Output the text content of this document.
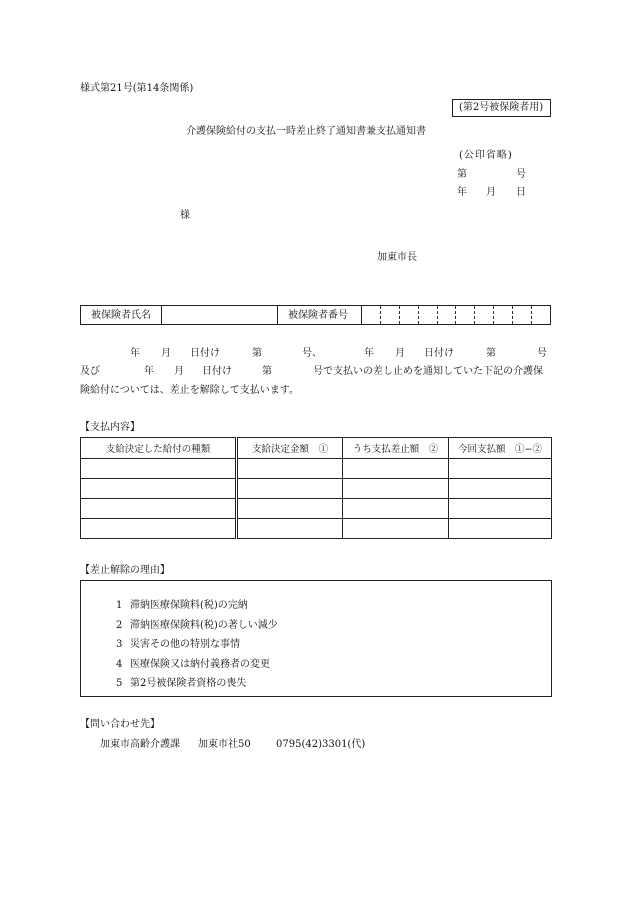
様式第21号(第14条関係)
(第2号被保険者用)
介護保険給付の支払一時差止終了通知書兼支払通知書
(公印省略)
第	号
年 月 日
様
加東市長
被保険者氏名	被保険者番号
年 月 日付け	第	号、	年 月 日付け	第	号
及び	年 月 日付け	第	号で支払いの差し止めを通知していた下記の介護保
険給付については、差止を解除して支払います。
【支払内容】
支給決定した給付の種類	支給決定金額　①	うち支払差止額　②	今回支払額　①−②

【差止解除の理由】
1 滞納医療保険料(税)の完納
2 滞納医療保険料(税)の著しい減少
3 災害その他の特別な事情
4 医療保険又は納付義務者の変更
5 第2号被保険者資格の喪失
【問い合わせ先】
加東市高齢介護課 加東市社50	0795(42)3301(代)
